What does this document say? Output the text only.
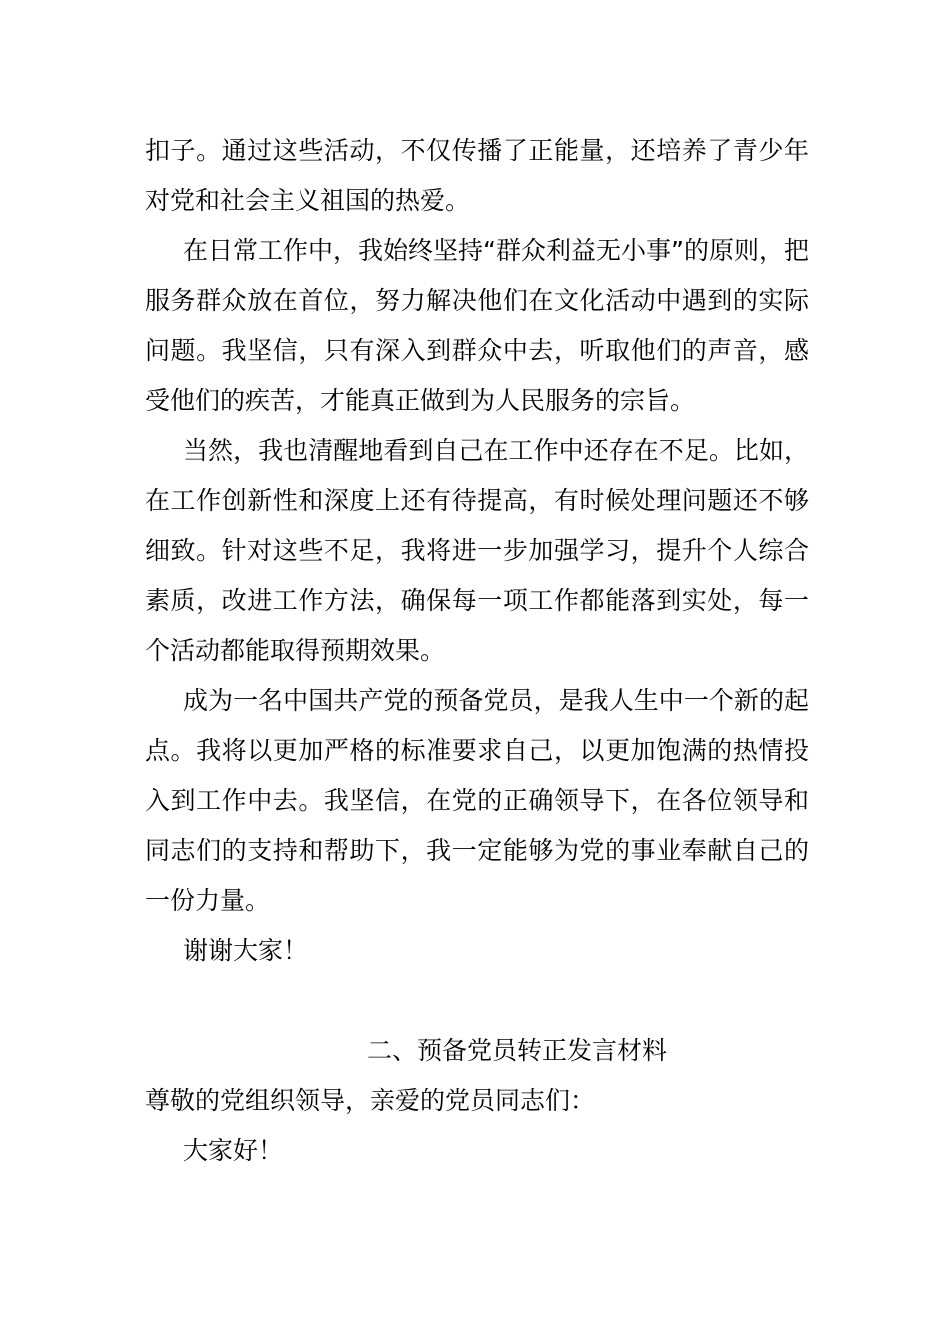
扣子。通过这些活动，不仅传播了正能量，还培养了青少年对党和社会主义祖国的热爱。

在日常工作中，我始终坚持“群众利益无小事”的原则，把服务群众放在首位，努力解决他们在文化活动中遇到的实际问题。我坚信，只有深入到群众中去，听取他们的声音，感受他们的疾苦，才能真正做到为人民服务的宗旨。

当然，我也清醒地看到自己在工作中还存在不足。比如，在工作创新性和深度上还有待提高，有时候处理问题还不够细致。针对这些不足，我将进一步加强学习，提升个人综合素质，改进工作方法，确保每一项工作都能落到实处，每一个活动都能取得预期效果。

成为一名中国共产党的预备党员，是我人生中一个新的起点。我将以更加严格的标准要求自己，以更加饱满的热情投入到工作中去。我坚信，在党的正确领导下，在各位领导和同志们的支持和帮助下，我一定能够为党的事业奉献自己的一份力量。

谢谢大家！

二、预备党员转正发言材料

尊敬的党组织领导，亲爱的党员同志们：

大家好！
